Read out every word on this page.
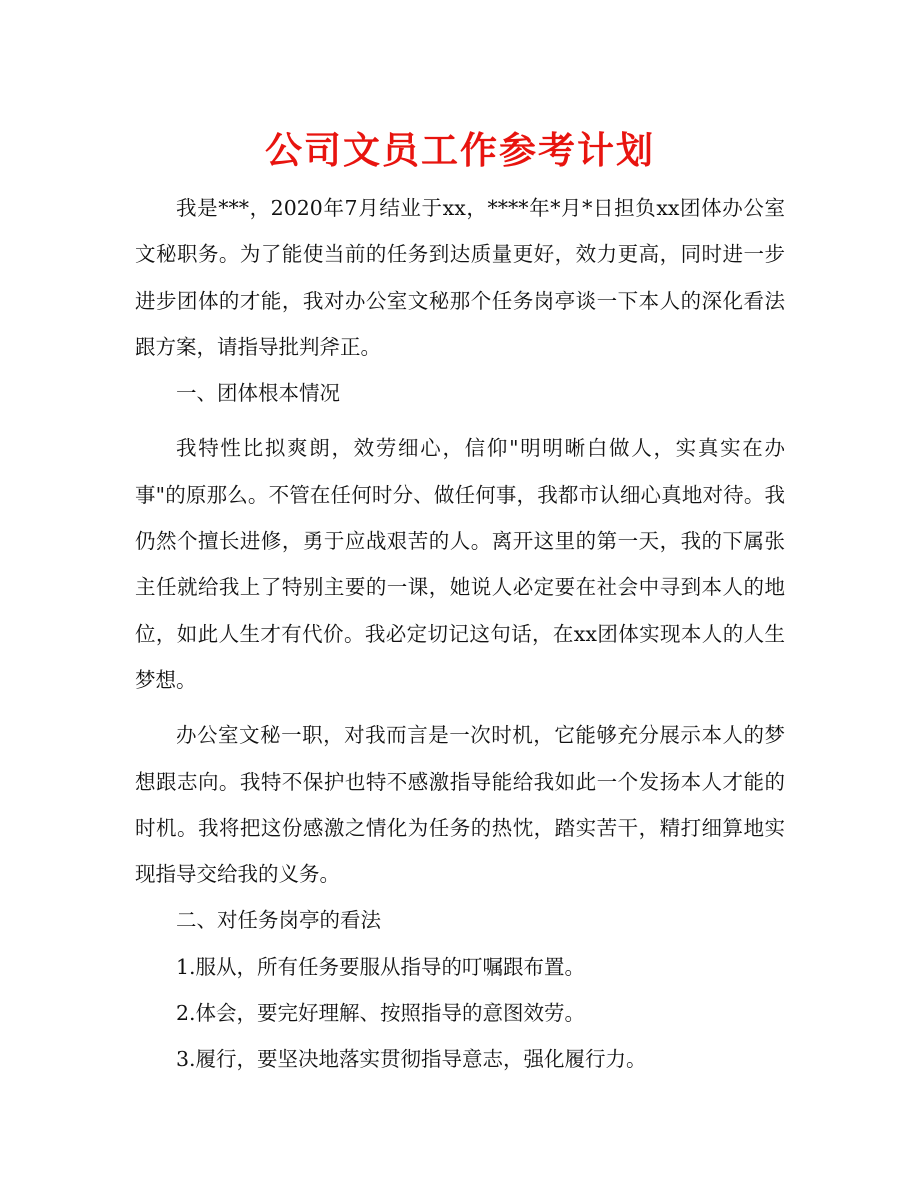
公司文员工作参考计划

我是***，2020年7月结业于xx，****年*月*日担负xx团体办公室文秘职务。为了能使当前的任务到达质量更好，效力更高，同时进一步进步团体的才能，我对办公室文秘那个任务岗亭谈一下本人的深化看法跟方案，请指导批判斧正。

一、团体根本情况

我特性比拟爽朗，效劳细心，信仰"明明晰白做人，实真实在办事"的原那么。不管在任何时分、做任何事，我都市认细心真地对待。我仍然个擅长进修，勇于应战艰苦的人。离开这里的第一天，我的下属张主任就给我上了特别主要的一课，她说人必定要在社会中寻到本人的地位，如此人生才有代价。我必定切记这句话，在xx团体实现本人的人生梦想。

办公室文秘一职，对我而言是一次时机，它能够充分展示本人的梦想跟志向。我特不保护也特不感激指导能给我如此一个发扬本人才能的时机。我将把这份感激之情化为任务的热忱，踏实苦干，精打细算地实现指导交给我的义务。

二、对任务岗亭的看法

1.服从，所有任务要服从指导的叮嘱跟布置。

2.体会，要完好理解、按照指导的意图效劳。

3.履行，要坚决地落实贯彻指导意志，强化履行力。
